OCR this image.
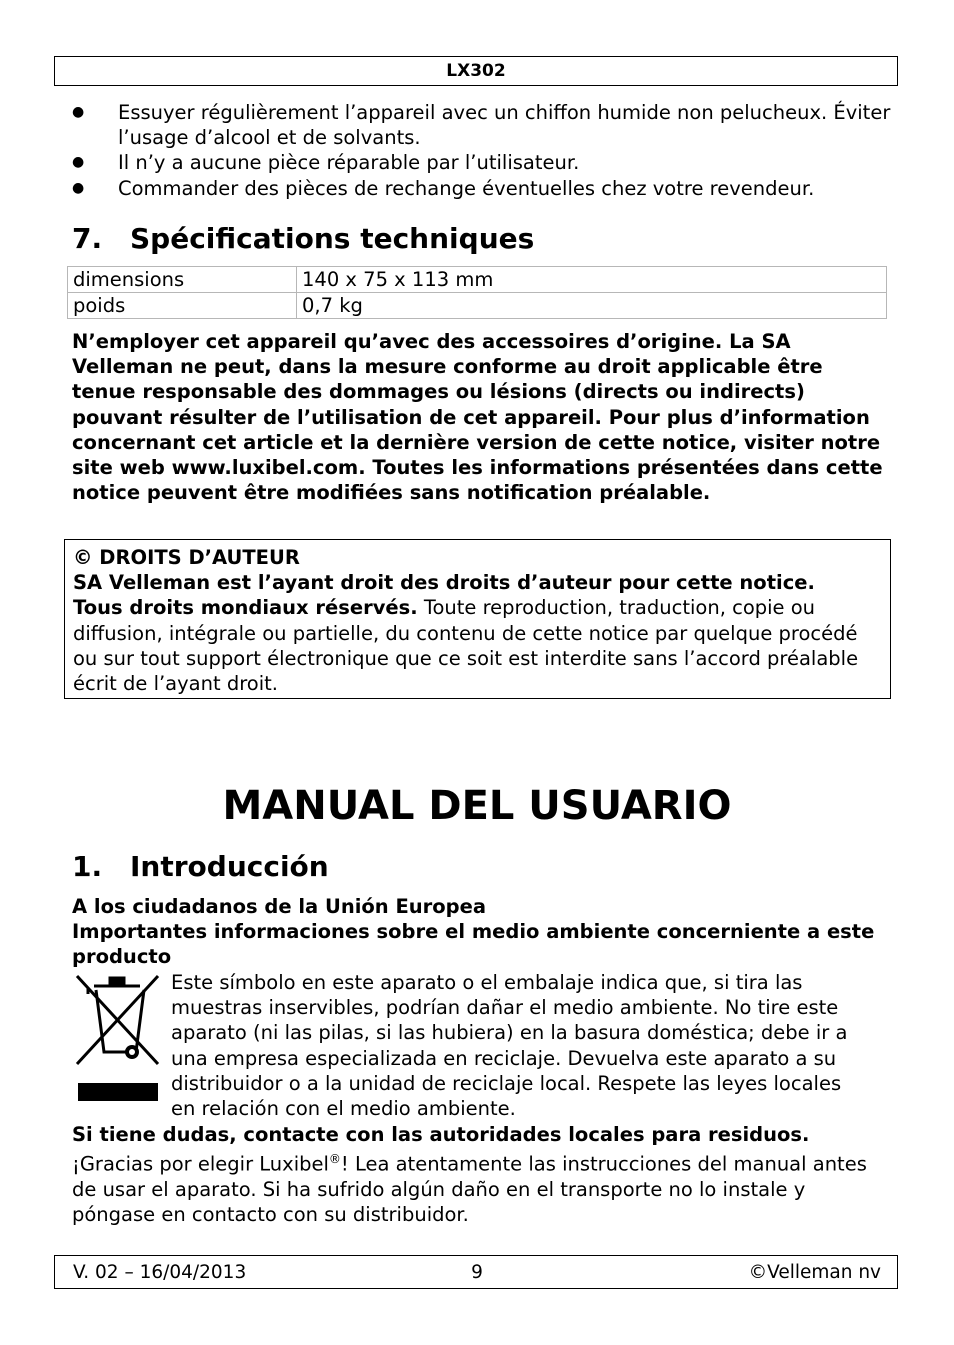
LX302
● Essuyer régulièrement l’appareil avec un chiffon humide non pelucheux. Éviter l’usage d’alcool et de solvants.
● Il n’y a aucune pièce réparable par l’utilisateur.
● Commander des pièces de rechange éventuelles chez votre revendeur.
7. Spécifications techniques
dimensions	140 x 75 x 113 mm
poids	0,7 kg
N’employer cet appareil qu’avec des accessoires d’origine. La SA Velleman ne peut, dans la mesure conforme au droit applicable être tenue responsable des dommages ou lésions (directs ou indirects) pouvant résulter de l’utilisation de cet appareil. Pour plus d’information concernant cet article et la dernière version de cette notice, visiter notre site web www.luxibel.com. Toutes les informations présentées dans cette notice peuvent être modifiées sans notification préalable.
© DROITS D’AUTEUR
SA Velleman est l’ayant droit des droits d’auteur pour cette notice.
Tous droits mondiaux réservés. Toute reproduction, traduction, copie ou diffusion, intégrale ou partielle, du contenu de cette notice par quelque procédé ou sur tout support électronique que ce soit est interdite sans l’accord préalable écrit de l’ayant droit.
MANUAL DEL USUARIO
1. Introducción
A los ciudadanos de la Unión Europea
Importantes informaciones sobre el medio ambiente concerniente a este producto
Este símbolo en este aparato o el embalaje indica que, si tira las muestras inservibles, podrían dañar el medio ambiente. No tire este aparato (ni las pilas, si las hubiera) en la basura doméstica; debe ir a una empresa especializada en reciclaje. Devuelva este aparato a su distribuidor o a la unidad de reciclaje local. Respete las leyes locales en relación con el medio ambiente.
Si tiene dudas, contacte con las autoridades locales para residuos.
¡Gracias por elegir Luxibel®! Lea atentamente las instrucciones del manual antes de usar el aparato. Si ha sufrido algún daño en el transporte no lo instale y póngase en contacto con su distribuidor.
V. 02 – 16/04/2013	9	©Velleman nv
